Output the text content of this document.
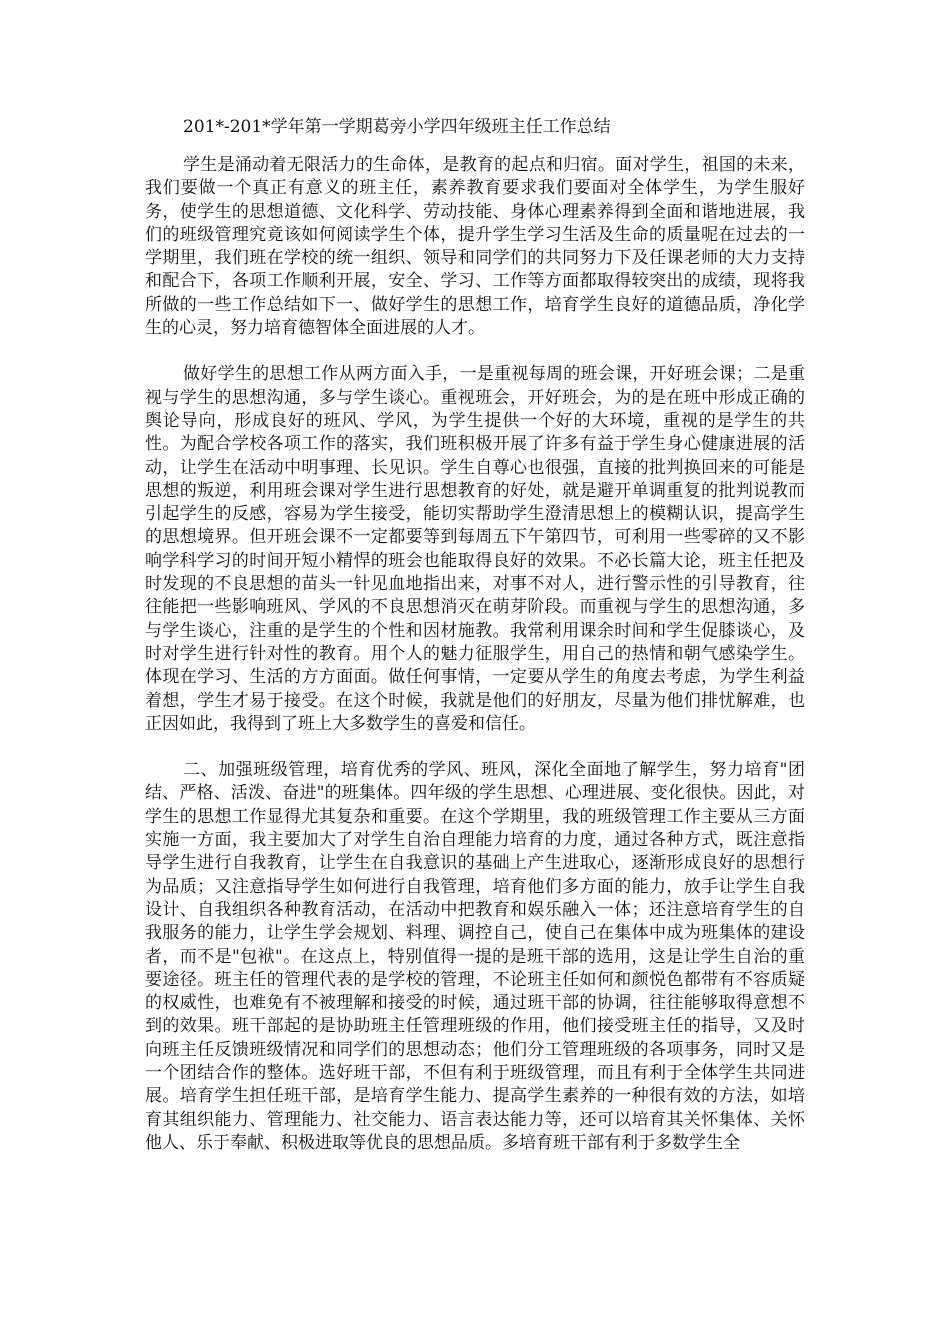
201*-201*学年第一学期葛旁小学四年级班主任工作总结

学生是涌动着无限活力的生命体，是教育的起点和归宿。面对学生，祖国的未来，我们要做一个真正有意义的班主任，素养教育要求我们要面对全体学生，为学生服好务，使学生的思想道德、文化科学、劳动技能、身体心理素养得到全面和谐地进展，我们的班级管理究竟该如何阅读学生个体，提升学生学习生活及生命的质量呢在过去的一学期里，我们班在学校的统一组织、领导和同学们的共同努力下及任课老师的大力支持和配合下，各项工作顺利开展，安全、学习、工作等方面都取得较突出的成绩，现将我所做的一些工作总结如下一、做好学生的思想工作，培育学生良好的道德品质，净化学生的心灵，努力培育德智体全面进展的人才。

做好学生的思想工作从两方面入手，一是重视每周的班会课，开好班会课；二是重视与学生的思想沟通，多与学生谈心。重视班会，开好班会，为的是在班中形成正确的舆论导向，形成良好的班风、学风，为学生提供一个好的大环境，重视的是学生的共性。为配合学校各项工作的落实，我们班积极开展了许多有益于学生身心健康进展的活动，让学生在活动中明事理、长见识。学生自尊心也很强，直接的批判换回来的可能是思想的叛逆，利用班会课对学生进行思想教育的好处，就是避开单调重复的批判说教而引起学生的反感，容易为学生接受，能切实帮助学生澄清思想上的模糊认识，提高学生的思想境界。但开班会课不一定都要等到每周五下午第四节，可利用一些零碎的又不影响学科学习的时间开短小精悍的班会也能取得良好的效果。不必长篇大论，班主任把及时发现的不良思想的苗头一针见血地指出来，对事不对人，进行警示性的引导教育，往往能把一些影响班风、学风的不良思想消灭在萌芽阶段。而重视与学生的思想沟通，多与学生谈心，注重的是学生的个性和因材施教。我常利用课余时间和学生促膝谈心，及时对学生进行针对性的教育。用个人的魅力征服学生，用自己的热情和朝气感染学生。体现在学习、生活的方方面面。做任何事情，一定要从学生的角度去考虑，为学生利益着想，学生才易于接受。在这个时候，我就是他们的好朋友，尽量为他们排忧解难，也正因如此，我得到了班上大多数学生的喜爱和信任。

二、加强班级管理，培育优秀的学风、班风，深化全面地了解学生，努力培育"团结、严格、活泼、奋进"的班集体。四年级的学生思想、心理进展、变化很快。因此，对学生的思想工作显得尤其复杂和重要。在这个学期里，我的班级管理工作主要从三方面实施一方面，我主要加大了对学生自治自理能力培育的力度，通过各种方式，既注意指导学生进行自我教育，让学生在自我意识的基础上产生进取心，逐渐形成良好的思想行为品质；又注意指导学生如何进行自我管理，培育他们多方面的能力，放手让学生自我设计、自我组织各种教育活动，在活动中把教育和娱乐融入一体；还注意培育学生的自我服务的能力，让学生学会规划、料理、调控自己，使自己在集体中成为班集体的建设者，而不是"包袱"。在这点上，特别值得一提的是班干部的选用，这是让学生自治的重要途径。班主任的管理代表的是学校的管理，不论班主任如何和颜悦色都带有不容质疑的权威性，也难免有不被理解和接受的时候，通过班干部的协调，往往能够取得意想不到的效果。班干部起的是协助班主任管理班级的作用，他们接受班主任的指导，又及时向班主任反馈班级情况和同学们的思想动态；他们分工管理班级的各项事务，同时又是一个团结合作的整体。选好班干部，不但有利于班级管理，而且有利于全体学生共同进展。培育学生担任班干部，是培育学生能力、提高学生素养的一种很有效的方法，如培育其组织能力、管理能力、社交能力、语言表达能力等，还可以培育其关怀集体、关怀他人、乐于奉献、积极进取等优良的思想品质。多培育班干部有利于多数学生全
